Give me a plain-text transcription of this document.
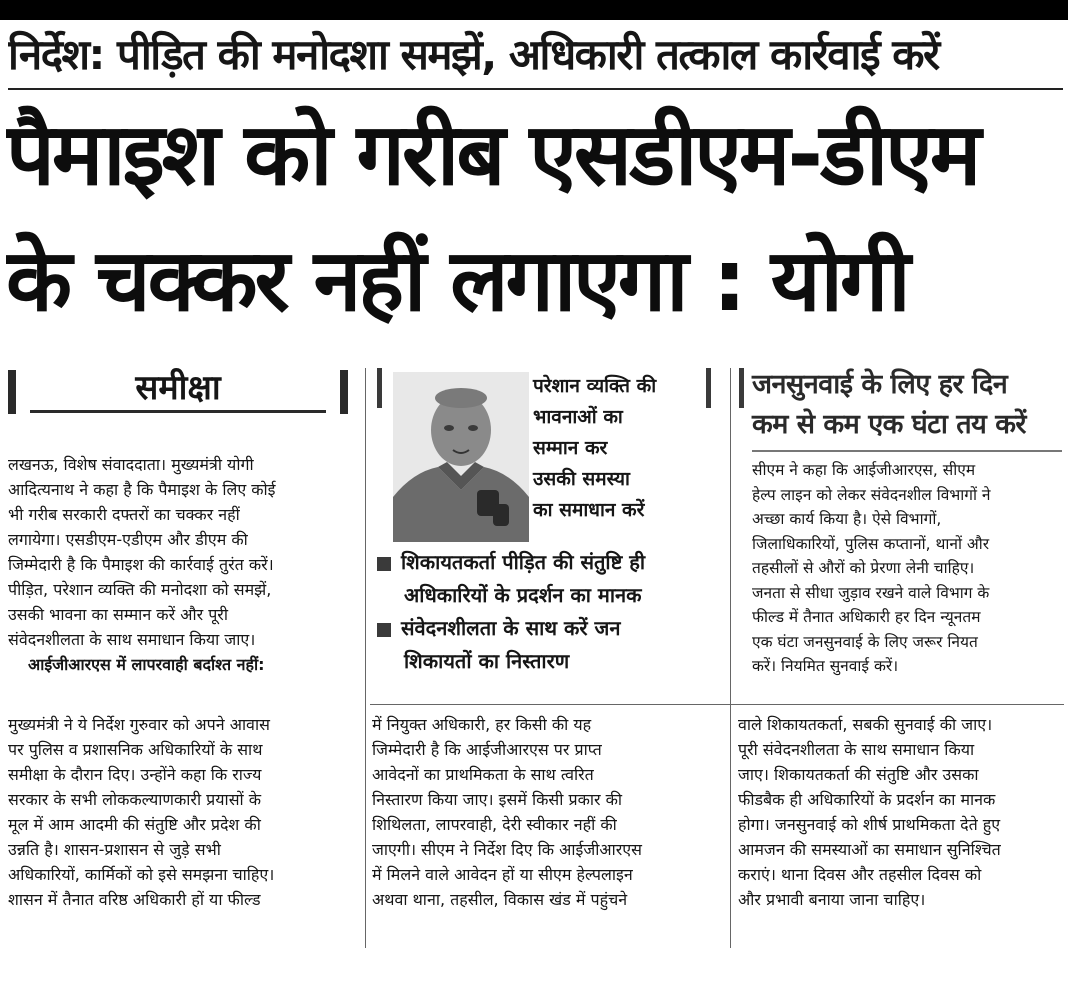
निर्देश: पीड़ित की मनोदशा समझें, अधिकारी तत्काल कार्रवाई करें
पैमाइश को गरीब एसडीएम-डीएम
के चक्कर नहीं लगाएगा : योगी
समीक्षा
लखनऊ, विशेष संवाददाता। मुख्यमंत्री योगी
आदित्यनाथ ने कहा है कि पैमाइश के लिए कोई
भी गरीब सरकारी दफ्तरों का चक्कर नहीं
लगायेगा। एसडीएम-एडीएम और डीएम की
जिम्मेदारी है कि पैमाइश की कार्रवाई तुरंत करें।
पीड़ित, परेशान व्यक्ति की मनोदशा को समझें,
उसकी भावना का सम्मान करें और पूरी
संवेदनशीलता के साथ समाधान किया जाए।
आईजीआरएस में लापरवाही बर्दाश्त नहीं:
परेशान व्यक्ति की
भावनाओं का
सम्मान कर
उसकी समस्या
का समाधान करें
शिकायतकर्ता पीड़ित की संतुष्टि ही
अधिकारियों के प्रदर्शन का मानक
संवेदनशीलता के साथ करें जन
शिकायतों का निस्तारण
जनसुनवाई के लिए हर दिन
कम से कम एक घंटा तय करें
सीएम ने कहा कि आईजीआरएस, सीएम
हेल्प लाइन को लेकर संवेदनशील विभागों ने
अच्छा कार्य किया है। ऐसे विभागों,
जिलाधिकारियों, पुलिस कप्तानों, थानों और
तहसीलों से औरों को प्रेरणा लेनी चाहिए।
जनता से सीधा जुड़ाव रखने वाले विभाग के
फील्ड में तैनात अधिकारी हर दिन न्यूनतम
एक घंटा जनसुनवाई के लिए जरूर नियत
करें। नियमित सुनवाई करें।
मुख्यमंत्री ने ये निर्देश गुरुवार को अपने आवास
पर पुलिस व प्रशासनिक अधिकारियों के साथ
समीक्षा के दौरान दिए। उन्होंने कहा कि राज्य
सरकार के सभी लोककल्याणकारी प्रयासों के
मूल में आम आदमी की संतुष्टि और प्रदेश की
उन्नति है। शासन-प्रशासन से जुड़े सभी
अधिकारियों, कार्मिकों को इसे समझना चाहिए।
शासन में तैनात वरिष्ठ अधिकारी हों या फील्ड
में नियुक्त अधिकारी, हर किसी की यह
जिम्मेदारी है कि आईजीआरएस पर प्राप्त
आवेदनों का प्राथमिकता के साथ त्वरित
निस्तारण किया जाए। इसमें किसी प्रकार की
शिथिलता, लापरवाही, देरी स्वीकार नहीं की
जाएगी। सीएम ने निर्देश दिए कि आईजीआरएस
में मिलने वाले आवेदन हों या सीएम हेल्पलाइन
अथवा थाना, तहसील, विकास खंड में पहुंचने
वाले शिकायतकर्ता, सबकी सुनवाई की जाए।
पूरी संवेदनशीलता के साथ समाधान किया
जाए। शिकायतकर्ता की संतुष्टि और उसका
फीडबैक ही अधिकारियों के प्रदर्शन का मानक
होगा। जनसुनवाई को शीर्ष प्राथमिकता देते हुए
आमजन की समस्याओं का समाधान सुनिश्चित
कराएं। थाना दिवस और तहसील दिवस को
और प्रभावी बनाया जाना चाहिए।
